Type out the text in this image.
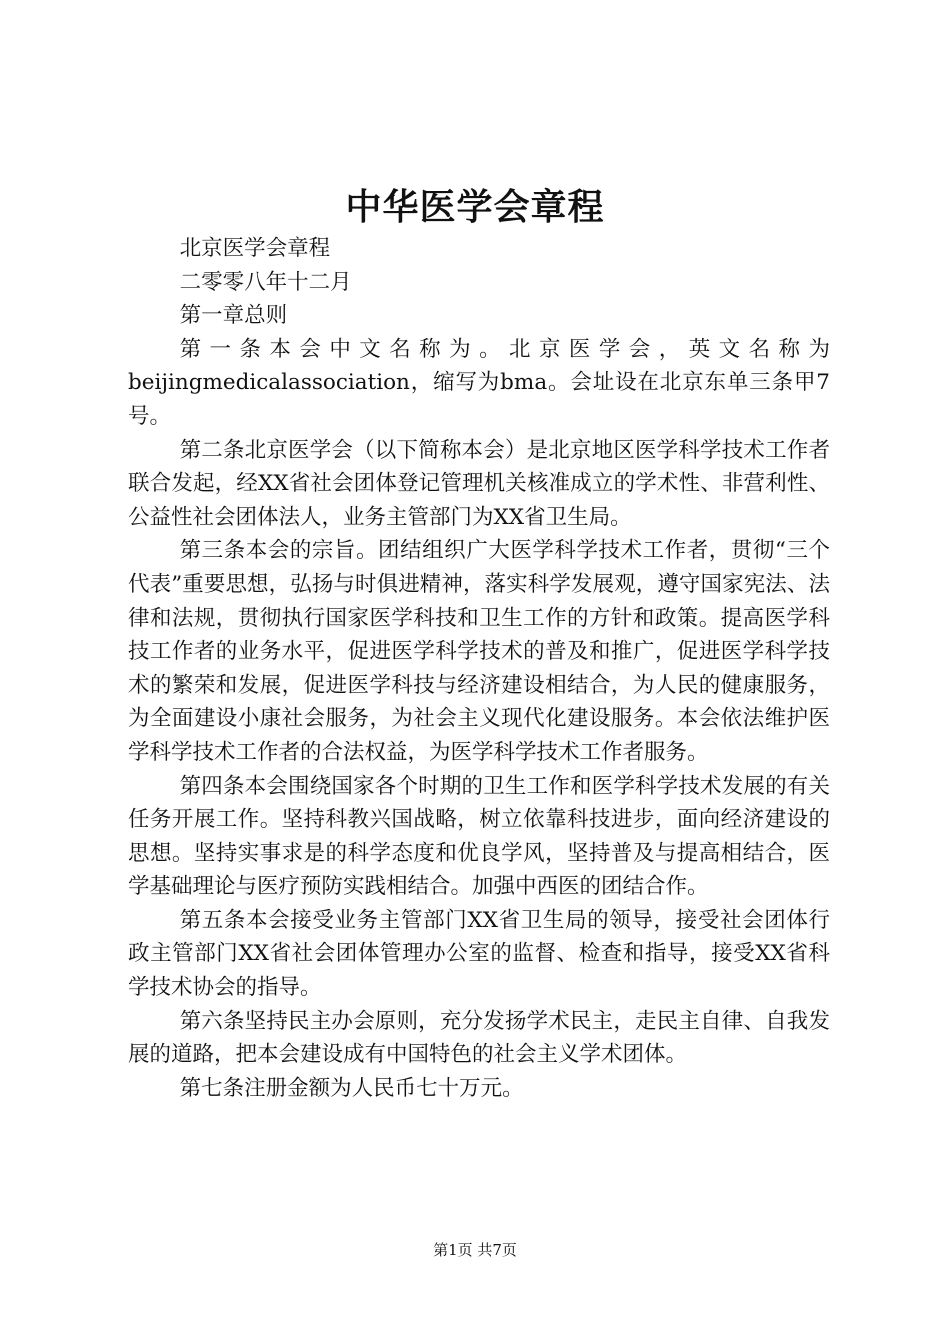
中华医学会章程

北京医学会章程

二零零八年十二月

第一章总则

第一条本会中文名称为。北京医学会，英文名称为beijingmedicalassociation，缩写为bma。会址设在北京东单三条甲7号。

第二条北京医学会（以下简称本会）是北京地区医学科学技术工作者联合发起，经XX省社会团体登记管理机关核准成立的学术性、非营利性、公益性社会团体法人，业务主管部门为XX省卫生局。

第三条本会的宗旨。团结组织广大医学科学技术工作者，贯彻“三个代表”重要思想，弘扬与时俱进精神，落实科学发展观，遵守国家宪法、法律和法规，贯彻执行国家医学科技和卫生工作的方针和政策。提高医学科技工作者的业务水平，促进医学科学技术的普及和推广，促进医学科学技术的繁荣和发展，促进医学科技与经济建设相结合，为人民的健康服务，为全面建设小康社会服务，为社会主义现代化建设服务。本会依法维护医学科学技术工作者的合法权益，为医学科学技术工作者服务。

第四条本会围绕国家各个时期的卫生工作和医学科学技术发展的有关任务开展工作。坚持科教兴国战略，树立依靠科技进步，面向经济建设的思想。坚持实事求是的科学态度和优良学风，坚持普及与提高相结合，医学基础理论与医疗预防实践相结合。加强中西医的团结合作。

第五条本会接受业务主管部门XX省卫生局的领导，接受社会团体行政主管部门XX省社会团体管理办公室的监督、检查和指导，接受XX省科学技术协会的指导。

第六条坚持民主办会原则，充分发扬学术民主，走民主自律、自我发展的道路，把本会建设成有中国特色的社会主义学术团体。

第七条注册金额为人民币七十万元。

第1页 共7页
